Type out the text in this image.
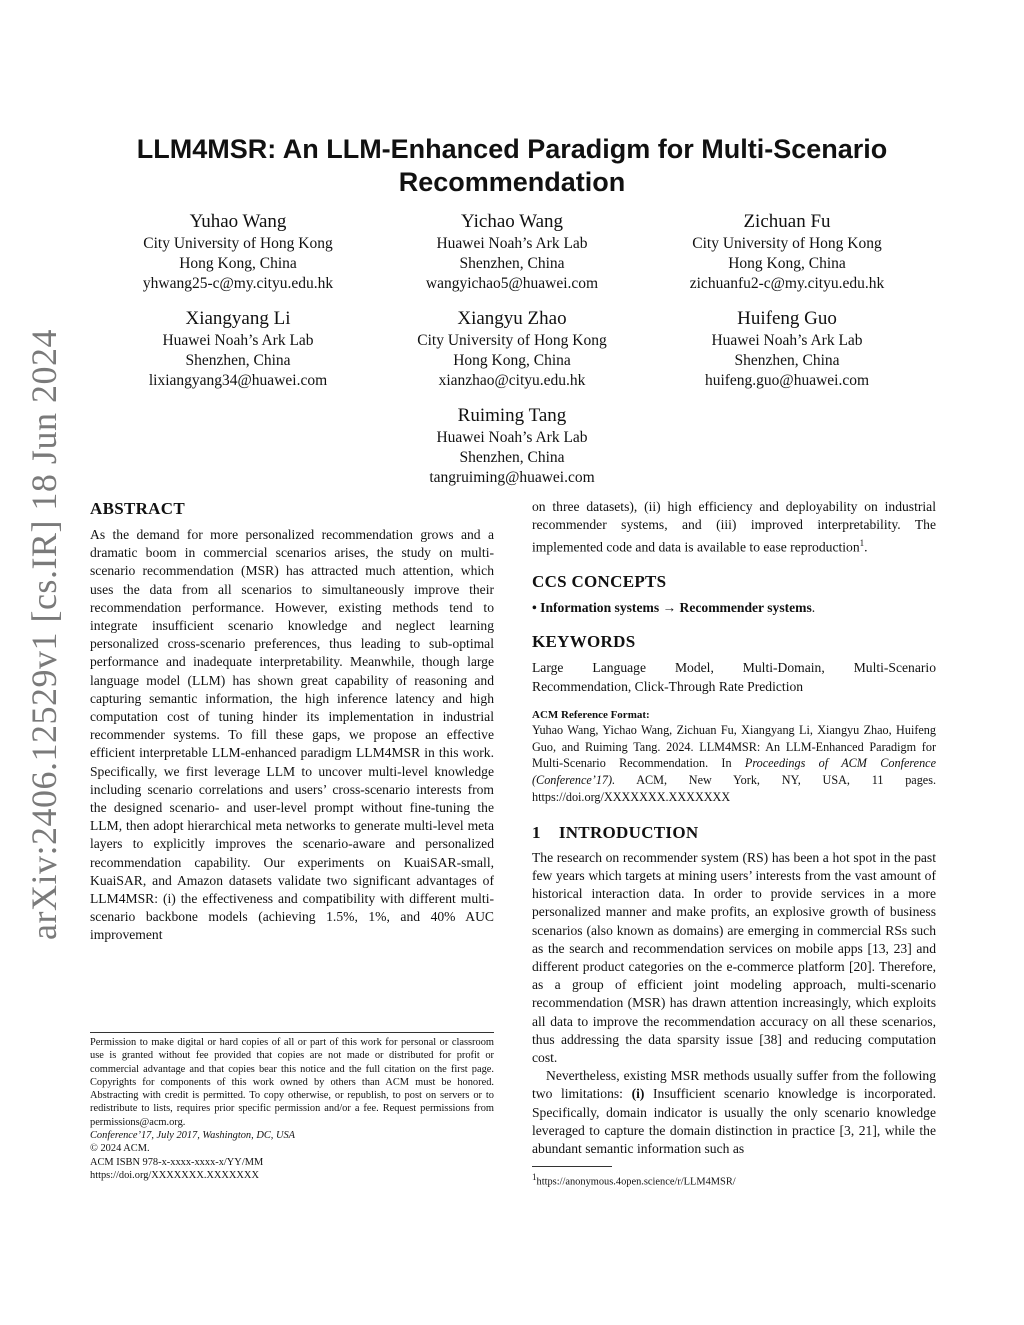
arXiv:2406.12529v1 [cs.IR] 18 Jun 2024
LLM4MSR: An LLM-Enhanced Paradigm for Multi-Scenario Recommendation
Yuhao Wang
City University of Hong Kong
Hong Kong, China
yhwang25-c@my.cityu.edu.hk
Yichao Wang
Huawei Noah’s Ark Lab
Shenzhen, China
wangyichao5@huawei.com
Zichuan Fu
City University of Hong Kong
Hong Kong, China
zichuanfu2-c@my.cityu.edu.hk
Xiangyang Li
Huawei Noah’s Ark Lab
Shenzhen, China
lixiangyang34@huawei.com
Xiangyu Zhao
City University of Hong Kong
Hong Kong, China
xianzhao@cityu.edu.hk
Huifeng Guo
Huawei Noah’s Ark Lab
Shenzhen, China
huifeng.guo@huawei.com
Ruiming Tang
Huawei Noah’s Ark Lab
Shenzhen, China
tangruiming@huawei.com
ABSTRACT

As the demand for more personalized recommendation grows and a dramatic boom in commercial scenarios arises, the study on multi-scenario recommendation (MSR) has attracted much attention, which uses the data from all scenarios to simultaneously improve their recommendation performance. However, existing methods tend to integrate insufficient scenario knowledge and neglect learning personalized cross-scenario preferences, thus leading to sub-optimal performance and inadequate interpretability. Meanwhile, though large language model (LLM) has shown great capability of reasoning and capturing semantic information, the high inference latency and high computation cost of tuning hinder its implementation in industrial recommender systems. To fill these gaps, we propose an effective efficient interpretable LLM-enhanced paradigm LLM4MSR in this work. Specifically, we first leverage LLM to uncover multi-level knowledge including scenario correlations and users’ cross-scenario interests from the designed scenario- and user-level prompt without fine-tuning the LLM, then adopt hierarchical meta networks to generate multi-level meta layers to explicitly improves the scenario-aware and personalized recommendation capability. Our experiments on KuaiSAR-small, KuaiSAR, and Amazon datasets validate two significant advantages of LLM4MSR: (i) the effectiveness and compatibility with different multi-scenario backbone models (achieving 1.5%, 1%, and 40% AUC improvement

Permission to make digital or hard copies of all or part of this work for personal or classroom use is granted without fee provided that copies are not made or distributed for profit or commercial advantage and that copies bear this notice and the full citation on the first page. Copyrights for components of this work owned by others than ACM must be honored. Abstracting with credit is permitted. To copy otherwise, or republish, to post on servers or to redistribute to lists, requires prior specific permission and/or a fee. Request permissions from permissions@acm.org.

Conference’17, July 2017, Washington, DC, USA

© 2024 ACM.

ACM ISBN 978-x-xxxx-xxxx-x/YY/MM

https://doi.org/XXXXXXX.XXXXXXX

on three datasets), (ii) high efficiency and deployability on industrial recommender systems, and (iii) improved interpretability. The implemented code and data is available to ease reproduction$^1$.

CCS CONCEPTS

• Information systems → Recommender systems.

KEYWORDS

Large Language Model, Multi-Domain, Multi-Scenario Recommendation, Click-Through Rate Prediction

ACM Reference Format:

Yuhao Wang, Yichao Wang, Zichuan Fu, Xiangyang Li, Xiangyu Zhao, Huifeng Guo, and Ruiming Tang. 2024. LLM4MSR: An LLM-Enhanced Paradigm for Multi-Scenario Recommendation. In Proceedings of ACM Conference (Conference’17). ACM, New York, NY, USA, 11 pages. https://doi.org/XXXXXXX.XXXXXXX

1 INTRODUCTION

The research on recommender system (RS) has been a hot spot in the past few years which targets at mining users’ interests from the vast amount of historical interaction data. In order to provide services in a more personalized manner and make profits, an explosive growth of business scenarios (also known as domains) are emerging in commercial RSs such as the search and recommendation services on mobile apps [13, 23] and different product categories on the e-commerce platform [20]. Therefore, as a group of efficient joint modeling approach, multi-scenario recommendation (MSR) has drawn attention increasingly, which exploits all data to improve the recommendation accuracy on all these scenarios, thus addressing the data sparsity issue [38] and reducing computation cost.

Nevertheless, existing MSR methods usually suffer from the following two limitations: (i) Insufficient scenario knowledge is incorporated. Specifically, domain indicator is usually the only scenario knowledge leveraged to capture the domain distinction in practice [3, 21], while the abundant semantic information such as

$^1$https://anonymous.4open.science/r/LLM4MSR/
